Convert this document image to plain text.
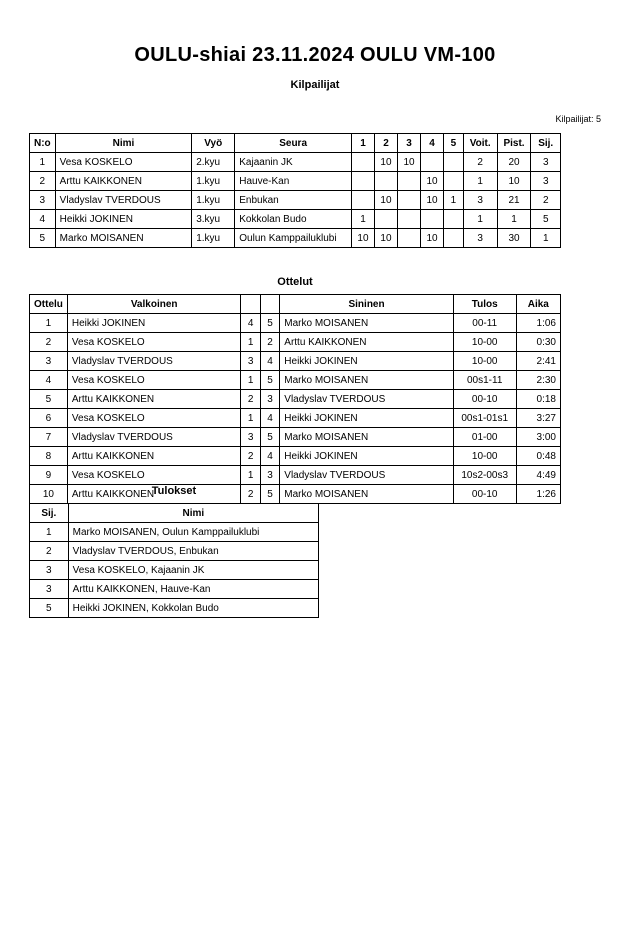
OULU-shiai 23.11.2024 OULU VM-100
Kilpailijat
Kilpailijat: 5
N:o	Nimi	Vyö	Seura	1	2	3	4	5	Voit.	Pist.	Sij.
1	Vesa KOSKELO	2.kyu	Kajaanin JK		10	10			2	20	3
2	Arttu KAIKKONEN	1.kyu	Hauve-Kan				10		1	10	3
3	Vladyslav TVERDOUS	1.kyu	Enbukan		10		10	1	3	21	2
4	Heikki JOKINEN	3.kyu	Kokkolan Budo	1					1	1	5
5	Marko MOISANEN	1.kyu	Oulun Kamppailuklubi	10	10		10		3	30	1
Ottelut
Ottelu	Valkoinen			Sininen	Tulos	Aika
1	Heikki JOKINEN	4	5	Marko MOISANEN	00-11	1:06
2	Vesa KOSKELO	1	2	Arttu KAIKKONEN	10-00	0:30
3	Vladyslav TVERDOUS	3	4	Heikki JOKINEN	10-00	2:41
4	Vesa KOSKELO	1	5	Marko MOISANEN	00s1-11	2:30
5	Arttu KAIKKONEN	2	3	Vladyslav TVERDOUS	00-10	0:18
6	Vesa KOSKELO	1	4	Heikki JOKINEN	00s1-01s1	3:27
7	Vladyslav TVERDOUS	3	5	Marko MOISANEN	01-00	3:00
8	Arttu KAIKKONEN	2	4	Heikki JOKINEN	10-00	0:48
9	Vesa KOSKELO	1	3	Vladyslav TVERDOUS	10s2-00s3	4:49
10	Arttu KAIKKONEN	2	5	Marko MOISANEN	00-10	1:26
Tulokset
Sij.	Nimi
1	Marko MOISANEN, Oulun Kamppailuklubi
2	Vladyslav TVERDOUS, Enbukan
3	Vesa KOSKELO, Kajaanin JK
3	Arttu KAIKKONEN, Hauve-Kan
5	Heikki JOKINEN, Kokkolan Budo
